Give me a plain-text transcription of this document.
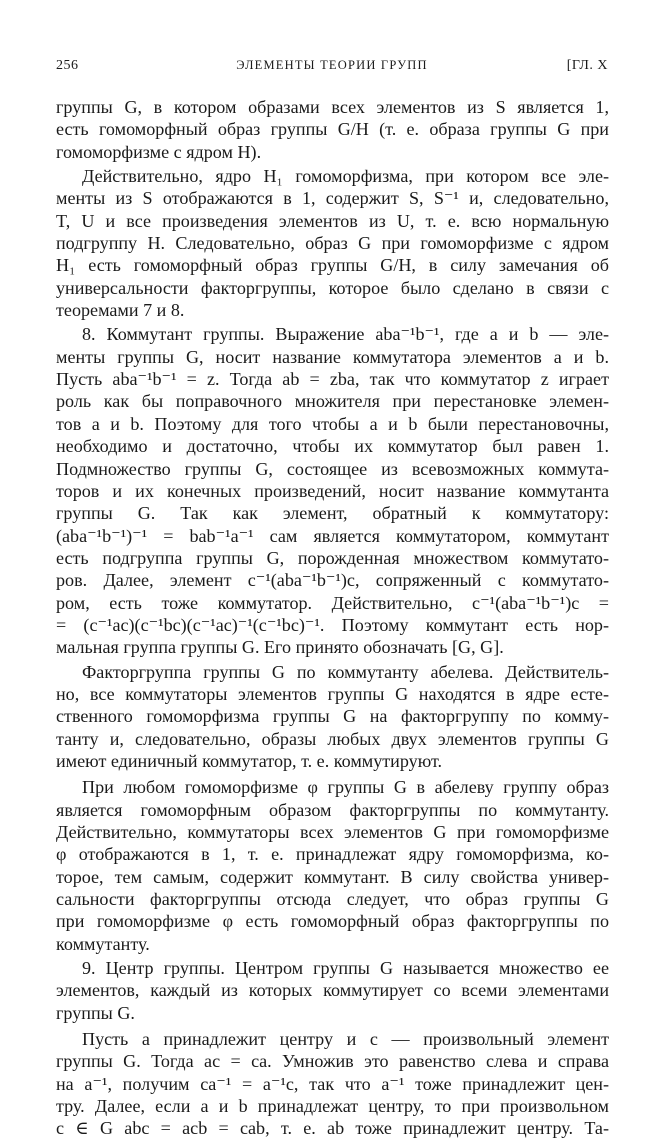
256	ЭЛЕМЕНТЫ ТЕОРИИ ГРУПП	[ГЛ. X

группы G, в котором образами всех элементов из S является 1,

есть гомоморфный образ группы G/H (т. е. образа группы G при

гомоморфизме с ядром H).

Действительно, ядро H₁ гомоморфизма, при котором все эле-

менты из S отображаются в 1, содержит S, S⁻¹ и, следовательно,

T, U и все произведения элементов из U, т. е. всю нормальную

подгруппу H. Следовательно, образ G при гомоморфизме с ядром

H₁ есть гомоморфный образ группы G/H, в силу замечания об

универсальности факторгруппы, которое было сделано в связи с

теоремами 7 и 8.

8. Коммутант группы. Выражение aba⁻¹b⁻¹, где a и b — эле-

менты группы G, носит название коммутатора элементов a и b.

Пусть aba⁻¹b⁻¹ = z. Тогда ab = zba, так что коммутатор z играет

роль как бы поправочного множителя при перестановке элемен-

тов a и b. Поэтому для того чтобы a и b были перестановочны,

необходимо и достаточно, чтобы их коммутатор был равен 1.

Подмножество группы G, состоящее из всевозможных коммута-

торов и их конечных произведений, носит название коммутанта

группы G. Так как элемент, обратный к коммутатору:

(aba⁻¹b⁻¹)⁻¹ = bab⁻¹a⁻¹ сам является коммутатором, коммутант

есть подгруппа группы G, порожденная множеством коммутато-

ров. Далее, элемент c⁻¹(aba⁻¹b⁻¹)c, сопряженный с коммутато-

ром, есть тоже коммутатор. Действительно, c⁻¹(aba⁻¹b⁻¹)c =

= (c⁻¹ac)(c⁻¹bc)(c⁻¹ac)⁻¹(c⁻¹bc)⁻¹. Поэтому коммутант есть нор-

мальная группа группы G. Его принято обозначать [G, G].

Факторгруппа группы G по коммутанту абелева. Действитель-

но, все коммутаторы элементов группы G находятся в ядре есте-

ственного гомоморфизма группы G на факторгруппу по комму-

танту и, следовательно, образы любых двух элементов группы G

имеют единичный коммутатор, т. е. коммутируют.

При любом гомоморфизме φ группы G в абелеву группу образ

является гомоморфным образом факторгруппы по коммутанту.

Действительно, коммутаторы всех элементов G при гомоморфизме

φ отображаются в 1, т. е. принадлежат ядру гомоморфизма, ко-

торое, тем самым, содержит коммутант. В силу свойства универ-

сальности факторгруппы отсюда следует, что образ группы G

при гомоморфизме φ есть гомоморфный образ факторгруппы по

коммутанту.

9. Центр группы. Центром группы G называется множество ее

элементов, каждый из которых коммутирует со всеми элементами

группы G.

Пусть a принадлежит центру и c — произвольный элемент

группы G. Тогда ac = ca. Умножив это равенство слева и справа

на a⁻¹, получим ca⁻¹ = a⁻¹c, так что a⁻¹ тоже принадлежит цен-

тру. Далее, если a и b принадлежат центру, то при произвольном

c ∈ G abc = acb = cab, т. е. ab тоже принадлежит центру. Та-
